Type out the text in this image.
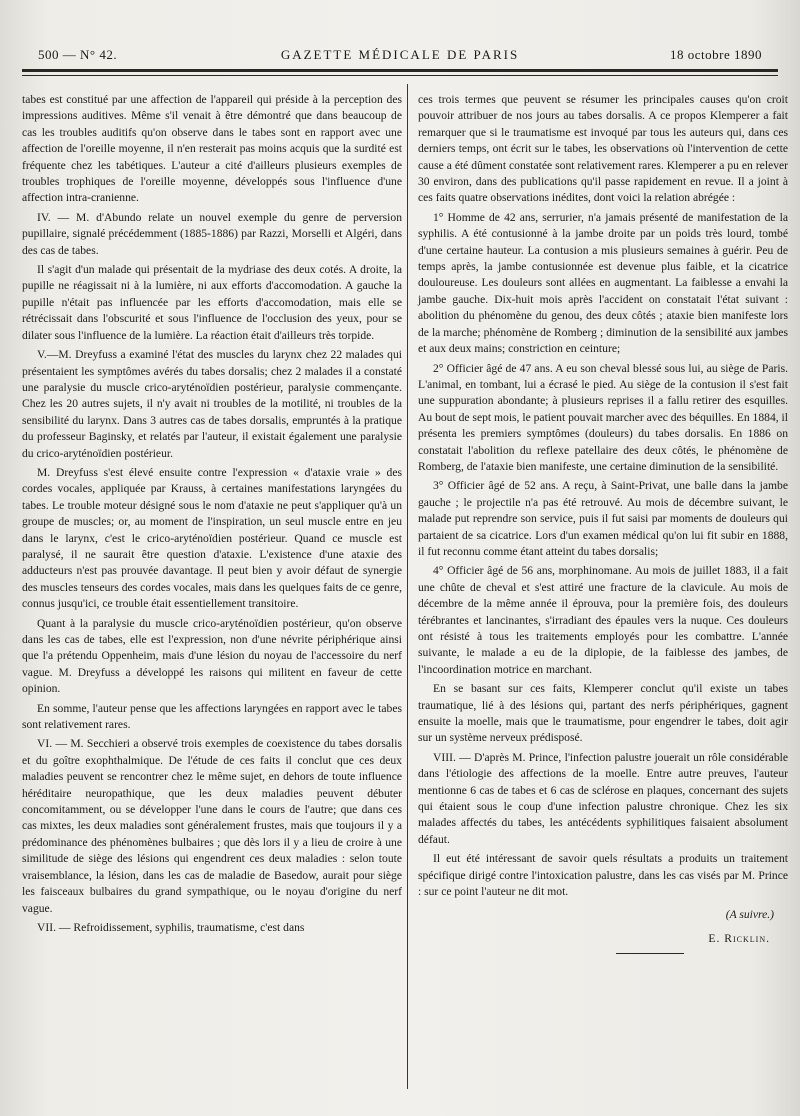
500 — N° 42.	GAZETTE MÉDICALE DE PARIS	18 octobre 1890

tabes est constitué par une affection de l'appareil qui préside à la perception des impressions auditives. Même s'il venait à être démontré que dans beaucoup de cas les troubles auditifs qu'on observe dans le tabes sont en rapport avec une affection de l'oreille moyenne, il n'en resterait pas moins acquis que la surdité est fréquente chez les tabétiques. L'auteur a cité d'ailleurs plusieurs exemples de troubles trophiques de l'oreille moyenne, développés sous l'influence d'une affection intra-cranienne.

IV. — M. d'Abundo relate un nouvel exemple du genre de perversion pupillaire, signalé précédemment (1885-1886) par Razzi, Morselli et Algéri, dans des cas de tabes.

Il s'agit d'un malade qui présentait de la mydriase des deux cotés. A droite, la pupille ne réagissait ni à la lumière, ni aux efforts d'accomodation. A gauche la pupille n'était pas influencée par les efforts d'accomodation, mais elle se rétrécissait dans l'obscurité et sous l'influence de l'occlusion des yeux, pour se dilater sous l'influence de la lumière. La réaction était d'ailleurs très torpide.

V.—M. Dreyfuss a examiné l'état des muscles du larynx chez 22 malades qui présentaient les symptômes avérés du tabes dorsalis; chez 2 malades il a constaté une paralysie du muscle crico-aryténoïdien postérieur, paralysie commençante. Chez les 20 autres sujets, il n'y avait ni troubles de la motilité, ni troubles de la sensibilité du larynx. Dans 3 autres cas de tabes dorsalis, empruntés à la pratique du professeur Baginsky, et relatés par l'auteur, il existait également une paralysie du crico-aryténoïdien postérieur.

M. Dreyfuss s'est élevé ensuite contre l'expression « d'ataxie vraie » des cordes vocales, appliquée par Krauss, à certaines manifestations laryngées du tabes. Le trouble moteur désigné sous le nom d'ataxie ne peut s'appliquer qu'à un groupe de muscles; or, au moment de l'inspiration, un seul muscle entre en jeu dans le larynx, c'est le crico-aryténoïdien postérieur. Quand ce muscle est paralysé, il ne saurait être question d'ataxie. L'existence d'une ataxie des adducteurs n'est pas prouvée davantage. Il peut bien y avoir défaut de synergie des muscles tenseurs des cordes vocales, mais dans les quelques faits de ce genre, connus jusqu'ici, ce trouble était essentiellement transitoire.

Quant à la paralysie du muscle crico-aryténoïdien postérieur, qu'on observe dans les cas de tabes, elle est l'expression, non d'une névrite périphérique ainsi que l'a prétendu Oppenheim, mais d'une lésion du noyau de l'accessoire du nerf vague. M. Dreyfuss a développé les raisons qui militent en faveur de cette opinion.

En somme, l'auteur pense que les affections laryngées en rapport avec le tabes sont relativement rares.

VI. — M. Secchieri a observé trois exemples de coexistence du tabes dorsalis et du goître exophthalmique. De l'étude de ces faits il conclut que ces deux maladies peuvent se rencontrer chez le même sujet, en dehors de toute influence héréditaire neuropathique, que les deux maladies peuvent débuter concomitamment, ou se développer l'une dans le cours de l'autre; que dans ces cas mixtes, les deux maladies sont généralement frustes, mais que toujours il y a prédominance des phénomènes bulbaires ; que dès lors il y a lieu de croire à une similitude de siège des lésions qui engendrent ces deux maladies : selon toute vraisemblance, la lésion, dans les cas de maladie de Basedow, aurait pour siège les faisceaux bulbaires du grand sympathique, ou le noyau d'origine du nerf vague.

VII. — Refroidissement, syphilis, traumatisme, c'est dans

ces trois termes que peuvent se résumer les principales causes qu'on croit pouvoir attribuer de nos jours au tabes dorsalis. A ce propos Klemperer a fait remarquer que si le traumatisme est invoqué par tous les auteurs qui, dans ces derniers temps, ont écrit sur le tabes, les observations où l'intervention de cette cause a été dûment constatée sont relativement rares. Klemperer a pu en relever 30 environ, dans des publications qu'il passe rapidement en revue. Il a joint à ces faits quatre observations inédites, dont voici la relation abrégée :

1° Homme de 42 ans, serrurier, n'a jamais présenté de manifestation de la syphilis. A été contusionné à la jambe droite par un poids très lourd, tombé d'une certaine hauteur. La contusion a mis plusieurs semaines à guérir. Peu de temps après, la jambe contusionnée est devenue plus faible, et la cicatrice douloureuse. Les douleurs sont allées en augmentant. La faiblesse a envahi la jambe gauche. Dix-huit mois après l'accident on constatait l'état suivant : abolition du phénomène du genou, des deux côtés ; ataxie bien manifeste lors de la marche; phénomène de Romberg ; diminution de la sensibilité aux jambes et aux deux mains; constriction en ceinture;

2° Officier âgé de 47 ans. A eu son cheval blessé sous lui, au siège de Paris. L'animal, en tombant, lui a écrasé le pied. Au siège de la contusion il s'est fait une suppuration abondante; à plusieurs reprises il a fallu retirer des esquilles. Au bout de sept mois, le patient pouvait marcher avec des béquilles. En 1884, il présenta les premiers symptômes (douleurs) du tabes dorsalis. En 1886 on constatait l'abolition du reflexe patellaire des deux côtés, le phénomène de Romberg, de l'ataxie bien manifeste, une certaine diminution de la sensibilité.

3° Officier âgé de 52 ans. A reçu, à Saint-Privat, une balle dans la jambe gauche ; le projectile n'a pas été retrouvé. Au mois de décembre suivant, le malade put reprendre son service, puis il fut saisi par moments de douleurs qui partaient de sa cicatrice. Lors d'un examen médical qu'on lui fit subir en 1888, il fut reconnu comme étant atteint du tabes dorsalis;

4° Officier âgé de 56 ans, morphinomane. Au mois de juillet 1883, il a fait une chûte de cheval et s'est attiré une fracture de la clavicule. Au mois de décembre de la même année il éprouva, pour la première fois, des douleurs térébrantes et lancinantes, s'irradiant des épaules vers la nuque. Ces douleurs ont résisté à tous les traitements employés pour les combattre. L'année suivante, le malade a eu de la diplopie, de la faiblesse des jambes, de l'incoordination motrice en marchant.

En se basant sur ces faits, Klemperer conclut qu'il existe un tabes traumatique, lié à des lésions qui, partant des nerfs périphériques, gagnent ensuite la moelle, mais que le traumatisme, pour engendrer le tabes, doit agir sur un système nerveux prédisposé.

VIII. — D'après M. Prince, l'infection palustre jouerait un rôle considérable dans l'étiologie des affections de la moelle. Entre autre preuves, l'auteur mentionne 6 cas de tabes et 6 cas de sclérose en plaques, concernant des sujets qui étaient sous le coup d'une infection palustre chronique. Chez les six malades affectés du tabes, les antécédents syphilitiques faisaient absolument défaut.

Il eut été intéressant de savoir quels résultats a produits un traitement spécifique dirigé contre l'intoxication palustre, dans les cas visés par M. Prince : sur ce point l'auteur ne dit mot.

(A suivre.)
E. Ricklin.
